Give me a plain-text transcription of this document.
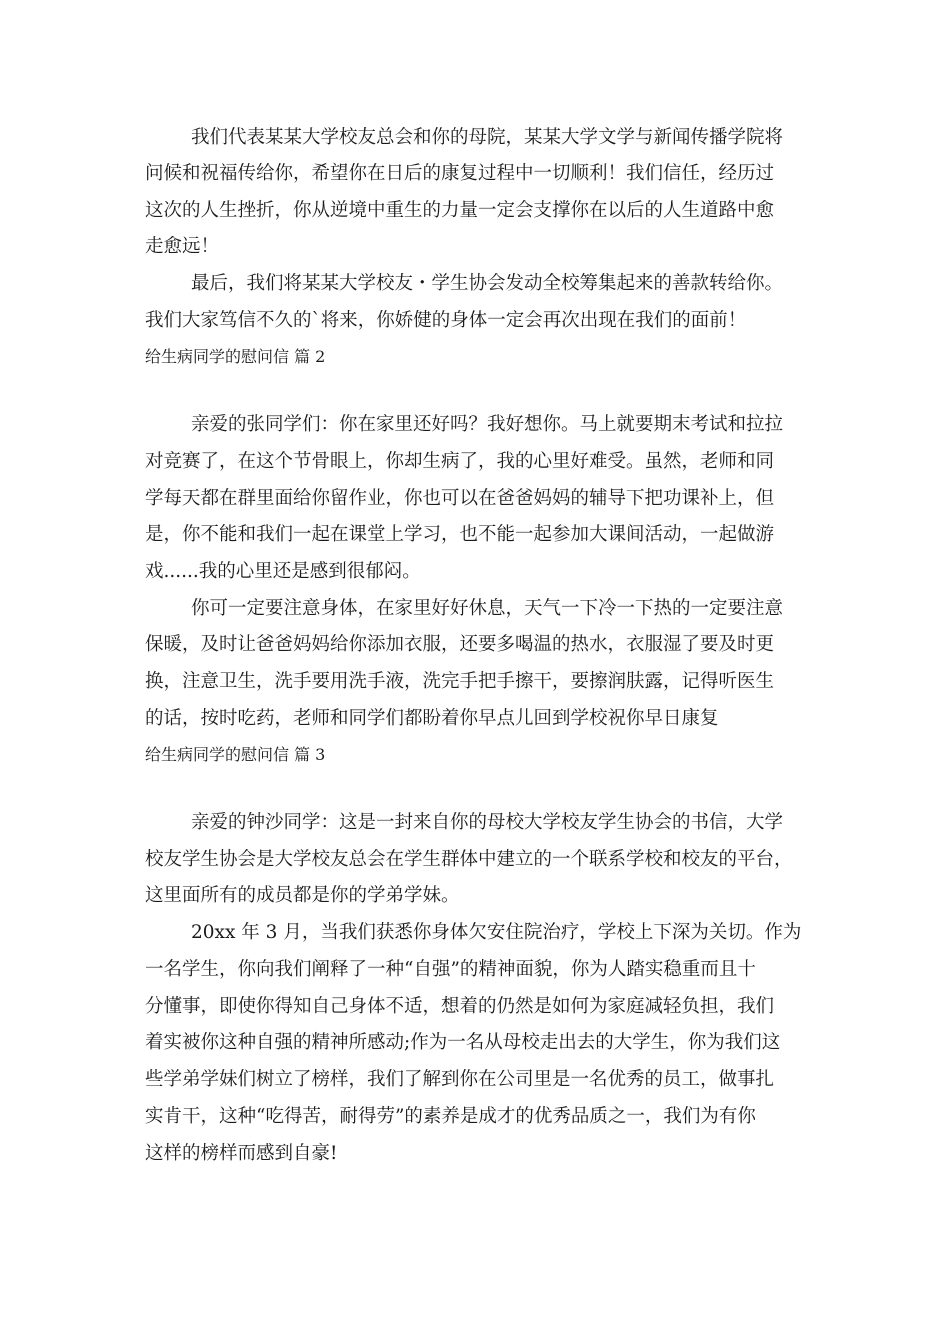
我们代表某某大学校友总会和你的母院，某某大学文学与新闻传播学院将
问候和祝福传给你，希望你在日后的康复过程中一切顺利！我们信任，经历过
这次的人生挫折，你从逆境中重生的力量一定会支撑你在以后的人生道路中愈
走愈远！
最后，我们将某某大学校友・学生协会发动全校筹集起来的善款转给你。
我们大家笃信不久的`将来，你娇健的身体一定会再次出现在我们的面前！
给生病同学的慰问信 篇 2
亲爱的张同学们：你在家里还好吗？我好想你。马上就要期末考试和拉拉
对竞赛了，在这个节骨眼上，你却生病了，我的心里好难受。虽然，老师和同
学每天都在群里面给你留作业，你也可以在爸爸妈妈的辅导下把功课补上，但
是，你不能和我们一起在课堂上学习，也不能一起参加大课间活动，一起做游
戏......我的心里还是感到很郁闷。
你可一定要注意身体，在家里好好休息，天气一下冷一下热的一定要注意
保暖，及时让爸爸妈妈给你添加衣服，还要多喝温的热水，衣服湿了要及时更
换，注意卫生，洗手要用洗手液，洗完手把手擦干，要擦润肤露，记得听医生
的话，按时吃药，老师和同学们都盼着你早点儿回到学校祝你早日康复
给生病同学的慰问信 篇 3
亲爱的钟沙同学：这是一封来自你的母校大学校友学生协会的书信，大学
校友学生协会是大学校友总会在学生群体中建立的一个联系学校和校友的平台，
这里面所有的成员都是你的学弟学妹。
20xx 年 3 月，当我们获悉你身体欠安住院治疗，学校上下深为关切。作为
一名学生，你向我们阐释了一种“自强”的精神面貌，你为人踏实稳重而且十
分懂事，即使你得知自己身体不适，想着的仍然是如何为家庭减轻负担，我们
着实被你这种自强的精神所感动;作为一名从母校走出去的大学生，你为我们这
些学弟学妹们树立了榜样，我们了解到你在公司里是一名优秀的员工，做事扎
实肯干，这种“吃得苦，耐得劳”的素养是成才的优秀品质之一，我们为有你
这样的榜样而感到自豪!
